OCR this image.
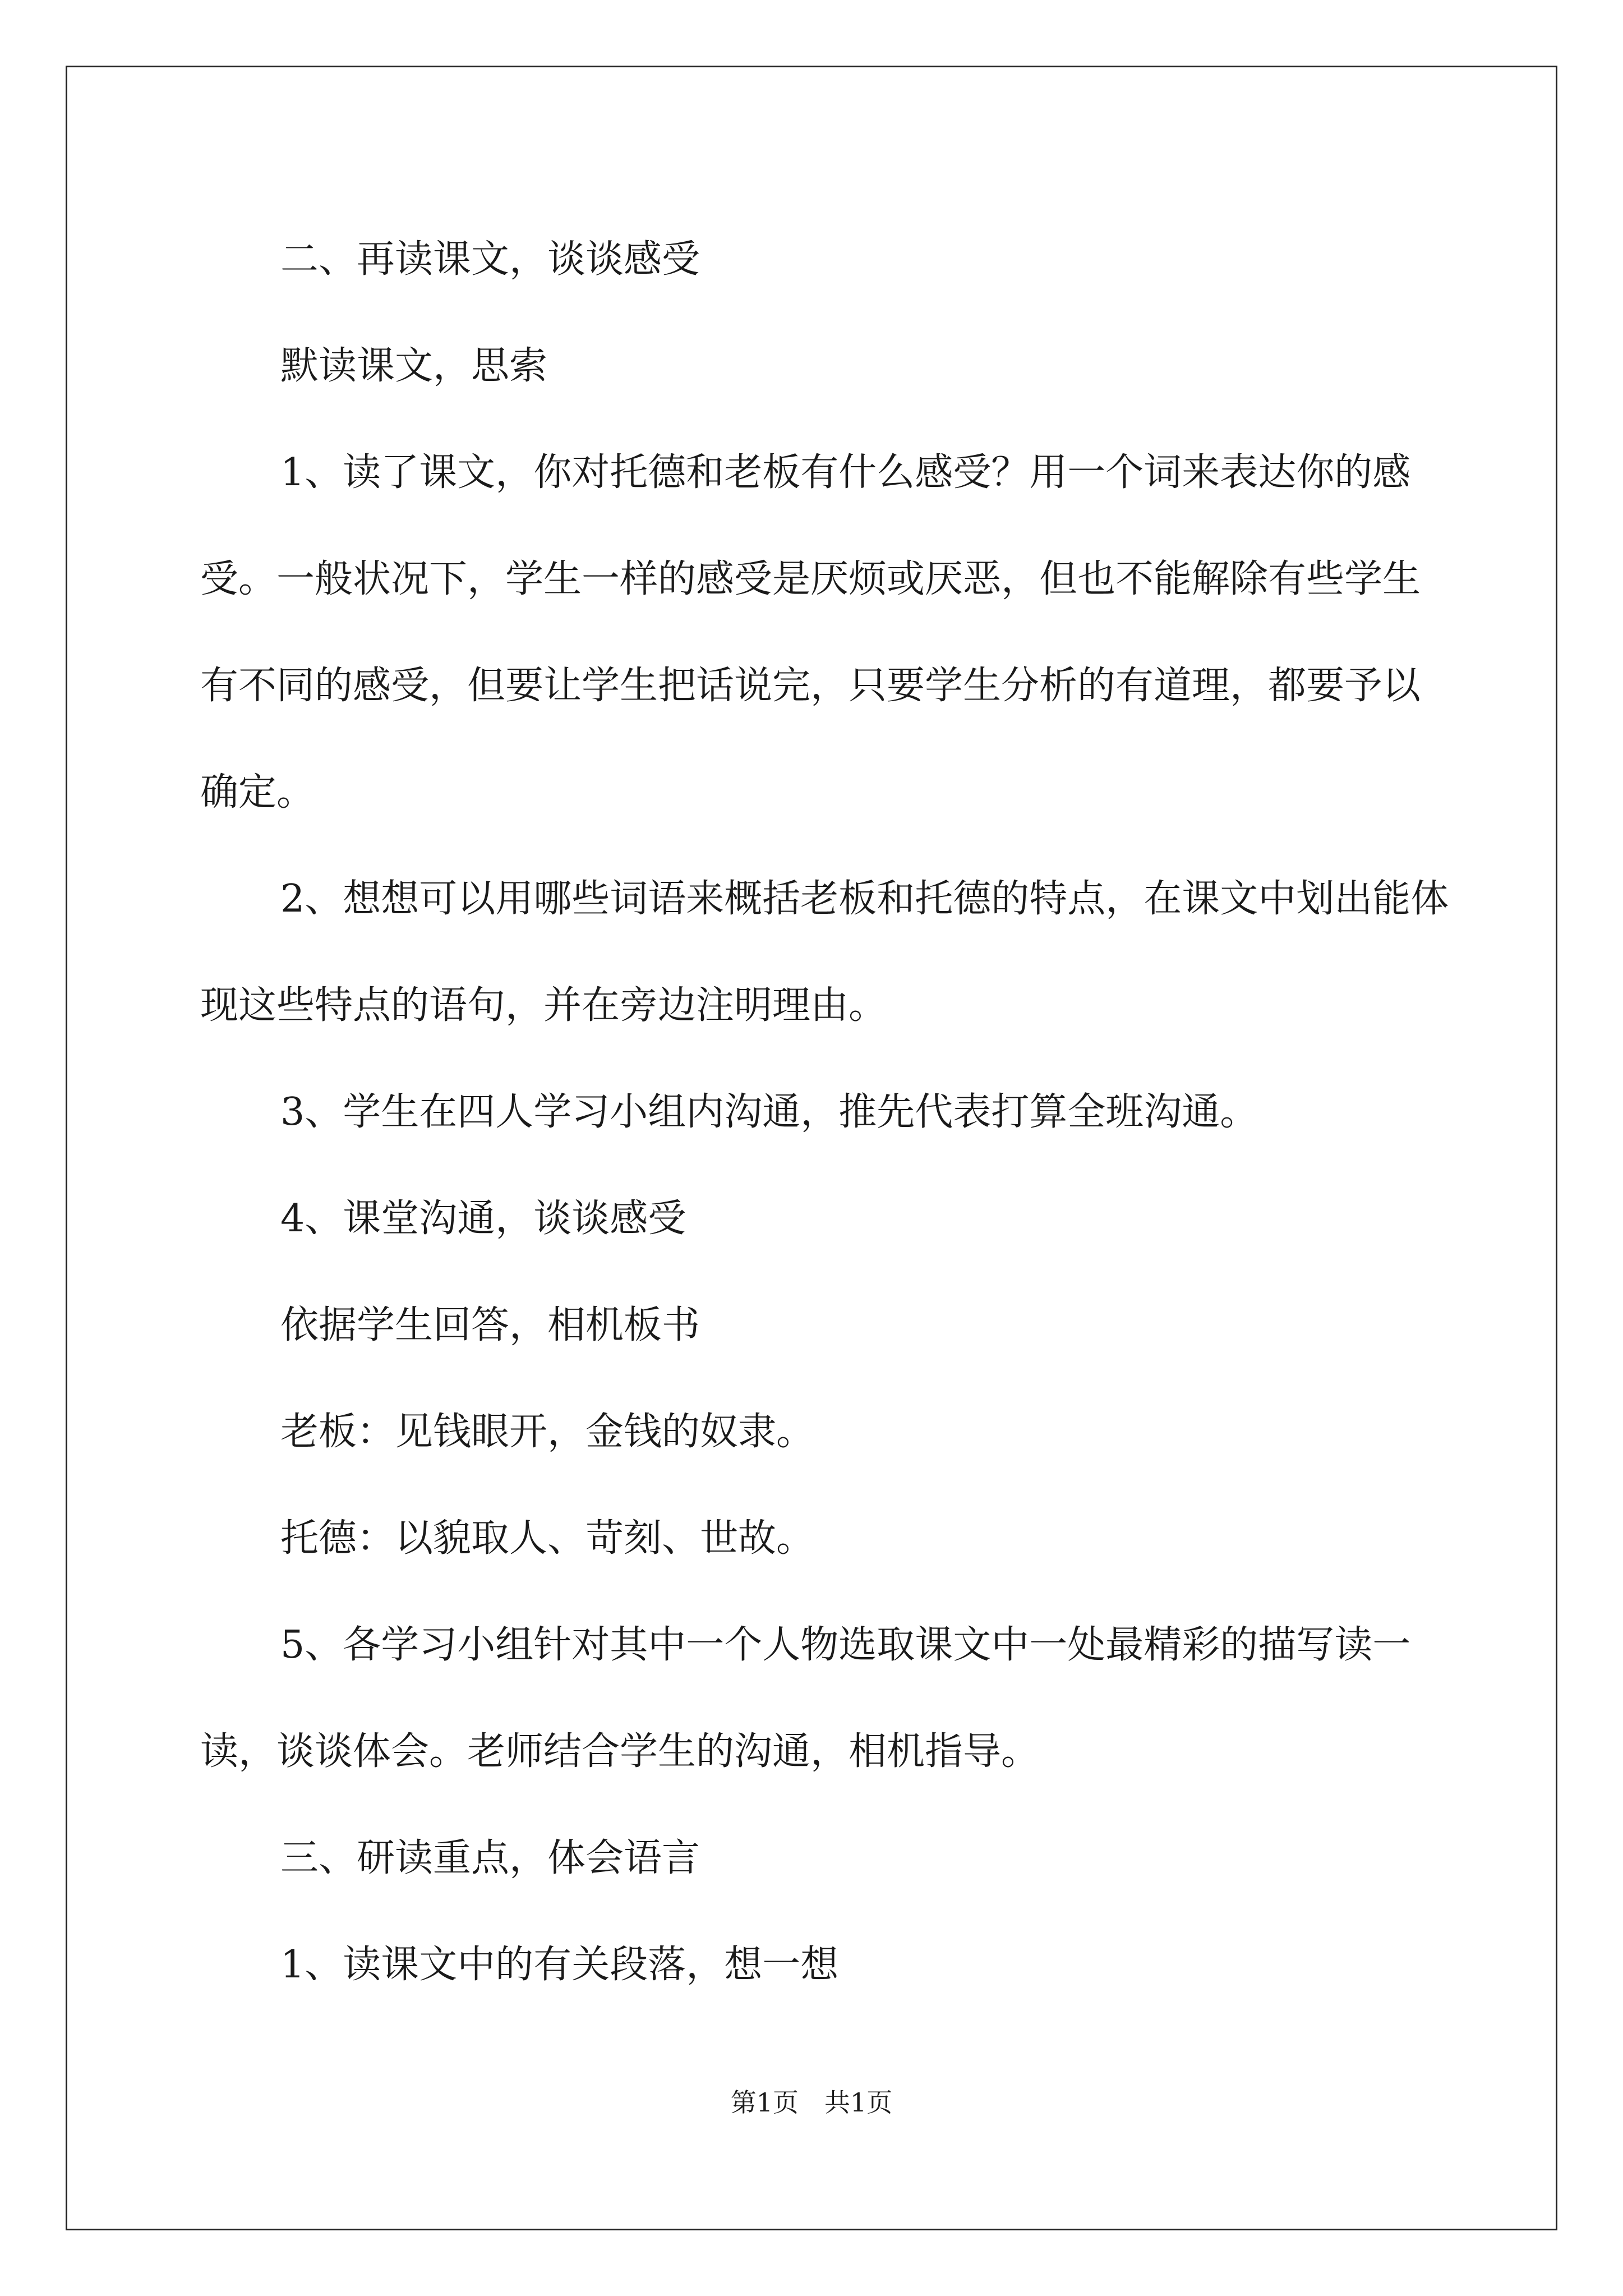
二、再读课文，谈谈感受

默读课文，思索

1、读了课文，你对托德和老板有什么感受？用一个词来表达你的感受。一般状况下，学生一样的感受是厌烦或厌恶，但也不能解除有些学生有不同的感受，但要让学生把话说完，只要学生分析的有道理，都要予以确定。

2、想想可以用哪些词语来概括老板和托德的特点，在课文中划出能体现这些特点的语句，并在旁边注明理由。

3、学生在四人学习小组内沟通，推先代表打算全班沟通。

4、课堂沟通，谈谈感受

依据学生回答，相机板书

老板：见钱眼开，金钱的奴隶。

托德：以貌取人、苛刻、世故。

5、各学习小组针对其中一个人物选取课文中一处最精彩的描写读一读，谈谈体会。老师结合学生的沟通，相机指导。

三、研读重点，体会语言

1、读课文中的有关段落，想一想

第1页　共1页
